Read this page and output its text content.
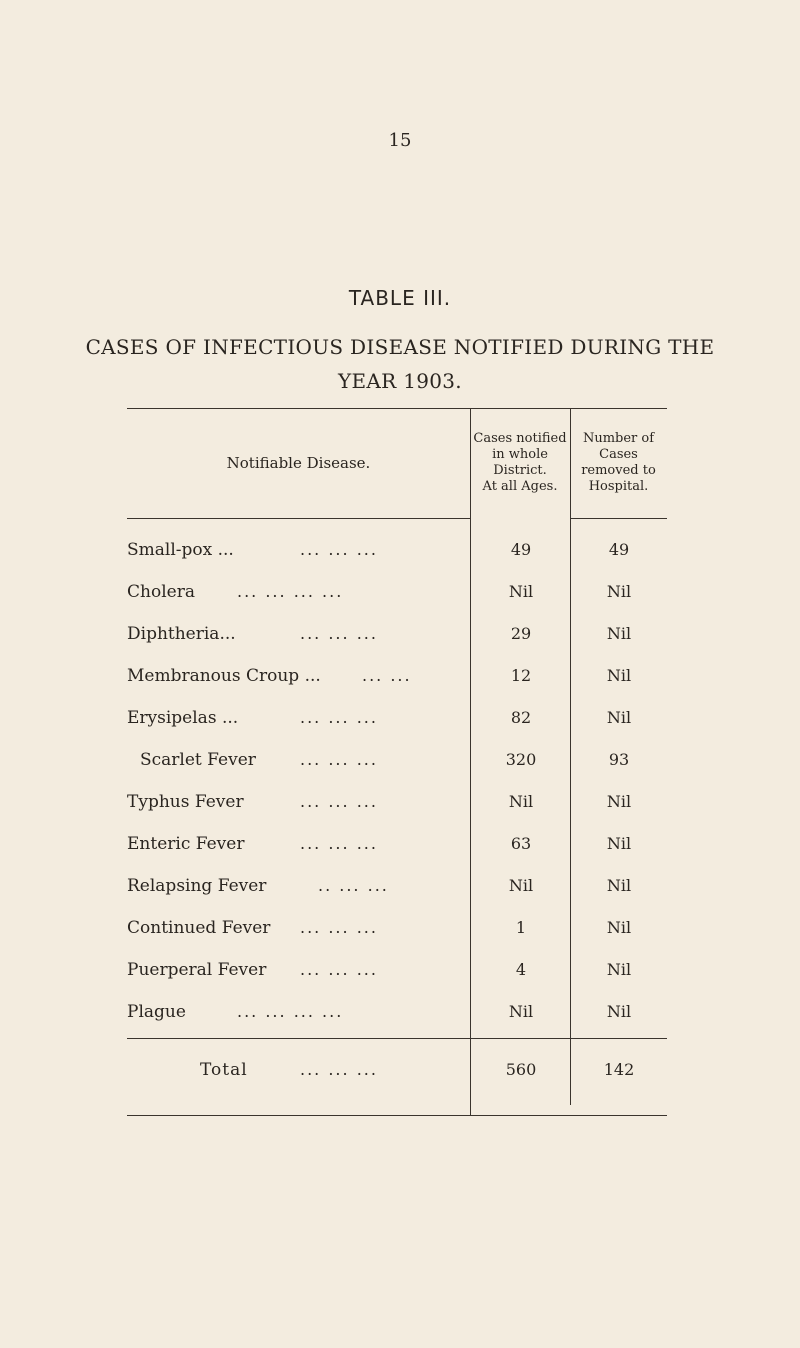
15
TABLE III.
CASES OF INFECTIOUS DISEASE NOTIFIED DURING THE
YEAR 1903.
Notifiable Disease.
Cases notified
in whole
District.
At all Ages.
Number of
Cases
removed to
Hospital.
Small-pox ...	... ... ...	49	49
Cholera	... ... ... ...	Nil	Nil
Diphtheria...	... ... ...	29	Nil
Membranous Croup ...	... ...	12	Nil
Erysipelas ...	... ... ...	82	Nil
Scarlet Fever	... ... ...	320	93
Typhus Fever	... ... ...	Nil	Nil
Enteric Fever	... ... ...	63	Nil
Relapsing Fever	.. ... ...	Nil	Nil
Continued Fever ... ... ...	1	Nil
Puerperal Fever ... ... ...	4	Nil
Plague	... ... ... ...	Nil	Nil
Total	... ... ...	560	142
